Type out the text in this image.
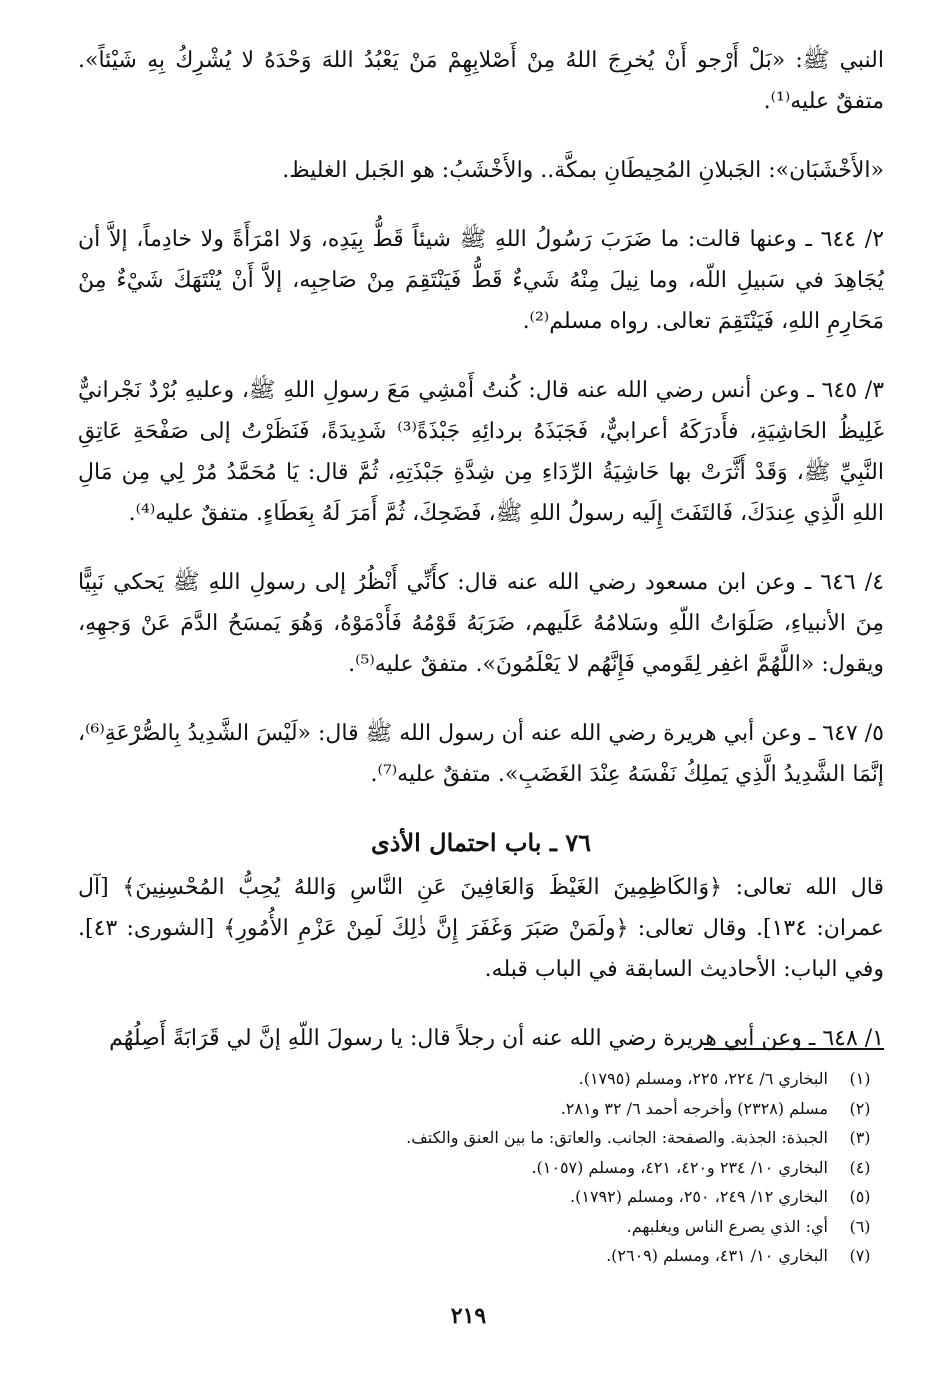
النبي ﷺ: «بَلْ أَرْجو أَنْ يُخرِجَ اللهُ مِنْ أَصْلابِهِمْ مَنْ يَعْبُدُ اللهَ وَحْدَهُ لا يُشْرِكُ بِهِ شَيْئاً». متفقٌ عليه⁽¹⁾.

«الأَخْشَبَان»: الجَبلانِ المُحِيطَانِ بمكَّة.. والأَخْشَبُ: هو الجَبل الغليظ.

٢/ ٦٤٤ ـ وعنها قالت: ما ضَرَبَ رَسُولُ اللهِ ﷺ شيئاً قَطُّ بِيَدِه، وَلا امْرَأَةً ولا خادِماً، إلاَّ أن يُجَاهِدَ في سَبيلِ اللّه، وما نِيلَ مِنْهُ شَيءٌ قَطُّ فَيَنْتَقِمَ مِنْ صَاحِبِه، إلاَّ أَنْ يُنْتَهَكَ شَيْءٌ مِنْ مَحَارِمِ اللهِ، فَيَنْتَقِمَ تعالى. رواه مسلم⁽²⁾.

٣/ ٦٤٥ ـ وعن أنس رضي الله عنه قال: كُنتُ أَمْشِي مَعَ رسولِ اللهِ ﷺ، وعليهِ بُرْدٌ نَجْرانيٌّ غَلِيظُ الحَاشِيَةِ، فأَدرَكَهُ أعرابيٌّ، فَجَبَذَهُ بردائِهِ جَبْذَةً⁽³⁾ شَدِيدَةً، فَنَظَرْتُ إلى صَفْحَةِ عَاتِقِ النَّبِيِّ ﷺ، وَقَدْ أَثَّرَتْ بها حَاشِيَةُ الرِّدَاءِ مِن شِدَّةِ جَبْذَتِهِ، ثُمَّ قال: يَا مُحَمَّدُ مُرْ لِي مِن مَالِ اللهِ الَّذِي عِندَكَ، فَالتَفَتَ إِلَيه رسولُ اللهِ ﷺ، فَضَحِكَ، ثُمَّ أَمَرَ لَهُ بِعَطَاءٍ. متفقٌ عليه⁽⁴⁾.

٤/ ٦٤٦ ـ وعن ابن مسعود رضي الله عنه قال: كأَنِّي أَنْظُرُ إلى رسولِ اللهِ ﷺ يَحكي نَبِيًّا مِنَ الأنبياءِ، صَلَوَاتُ اللّهِ وسَلامُهُ عَلَيهم، ضَرَبَهُ قَوْمُهُ فَأَدْمَوْهُ، وَهُوَ يَمسَحُ الدَّمَ عَنْ وَجهِهِ، ويقول: «اللَّهُمَّ اغفِر لِقَومي فَإِنَّهُم لا يَعْلَمُونَ». متفقٌ عليه⁽⁵⁾.

٥/ ٦٤٧ ـ وعن أبي هريرة رضي الله عنه أن رسول الله ﷺ قال: «لَيْسَ الشَّدِيدُ بِالصُّرْعَةِ⁽⁶⁾، إنَّمَا الشَّدِيدُ الَّذِي يَملِكُ نَفْسَهُ عِنْدَ الغَضَبِ». متفقٌ عليه⁽⁷⁾.

٧٦ ـ باب احتمال الأذى

قال الله تعالى: ﴿وَالكَاظِمِينَ الغَيْظَ وَالعَافِينَ عَنِ النَّاسِ وَاللهُ يُحِبُّ المُحْسِنِينَ﴾ [آل عمران: ١٣٤]. وقال تعالى: ﴿ولَمَنْ صَبَرَ وَغَفَرَ إِنَّ ذٰلِكَ لَمِنْ عَزْمِ الأُمُورِ﴾ [الشورى: ٤٣]. وفي الباب: الأحاديث السابقة في الباب قبله.

١/ ٦٤٨ ـ وعن أبي هريرة رضي الله عنه أن رجلاً قال: يا رسولَ اللّهِ إنَّ لي قَرَابَةً أَصِلُهُم

(١)
البخاري ٦/ ٢٢٤، ٢٢٥، ومسلم (١٧٩٥).
(٢)
مسلم (٢٣٢٨) وأخرجه أحمد ٦/ ٣٢ و٢٨١.
(٣)
الجبذة: الجذبة. والصفحة: الجانب. والعاتق: ما بين العنق والكتف.
(٤)
البخاري ١٠/ ٢٣٤ و٤٢٠، ٤٢١، ومسلم (١٠٥٧).
(٥)
البخاري ١٢/ ٢٤٩، ٢٥٠، ومسلم (١٧٩٢).
(٦)
أي: الذي يصرع الناس ويغلبهم.
(٧)
البخاري ١٠/ ٤٣١، ومسلم (٢٦٠٩).
٢١٩
